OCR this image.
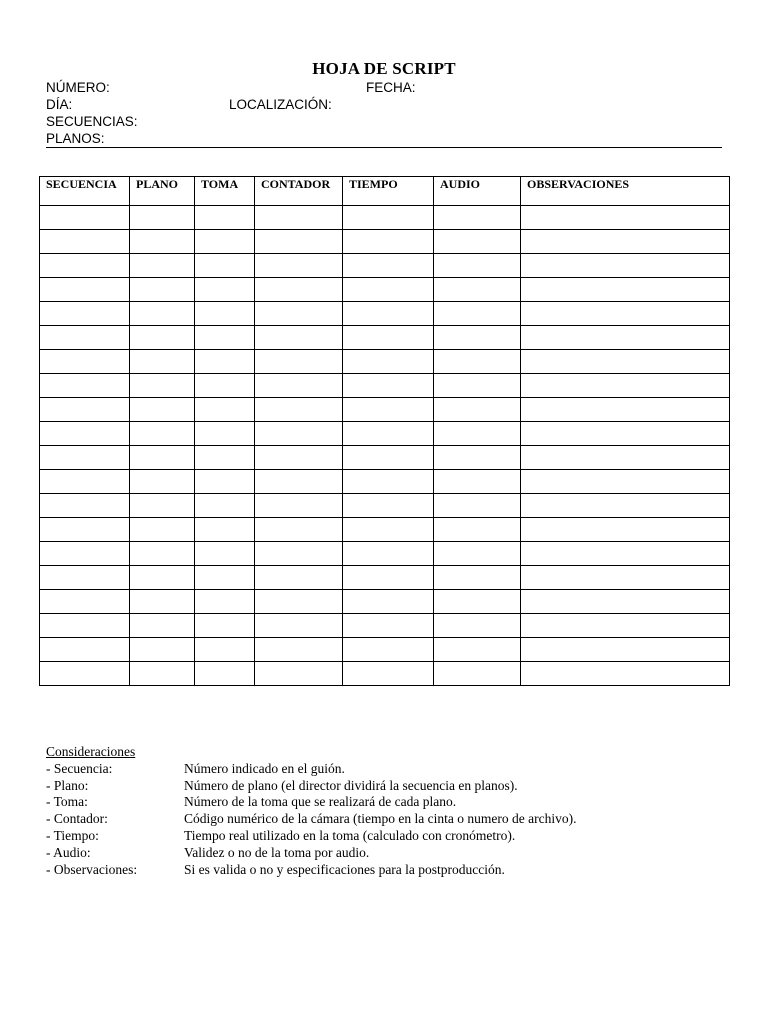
HOJA DE SCRIPT
NÚMERO:	FECHA:
DÍA:	LOCALIZACIÓN:
SECUENCIAS:
PLANOS:
SECUENCIA	PLANO	TOMA	CONTADOR	TIEMPO	AUDIO	OBSERVACIONES

Consideraciones
- Secuencia:	Número indicado en el guión.
- Plano:	Número de plano (el director dividirá la secuencia en planos).
- Toma:	Número de la toma que se realizará de cada plano.
- Contador:	Código numérico de la cámara (tiempo en la cinta o numero de archivo).
- Tiempo:	Tiempo real utilizado en la toma (calculado con cronómetro).
- Audio:	Validez o no de la toma por audio.
- Observaciones:	Si es valida o no y especificaciones para la postproducción.
